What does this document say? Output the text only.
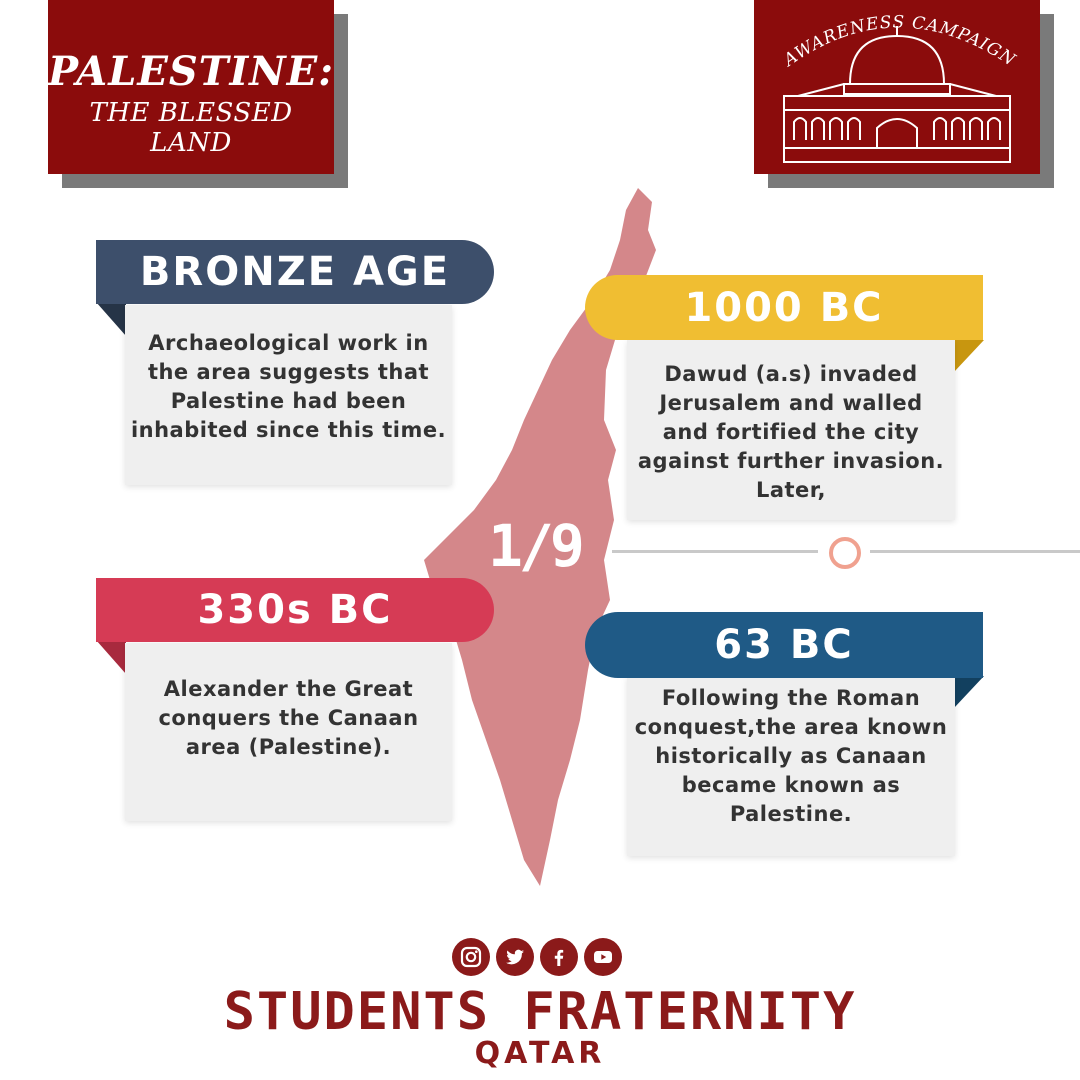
PALESTINE:
THE BLESSED LAND
AWARENESS CAMPAIGN
1/9
Archaeological work in
the area suggests that
Palestine had been
inhabited since this time.
BRONZE AGE
Dawud (a.s) invaded
Jerusalem and walled
and fortified the city
against further invasion.
Later,
1000 BC
Alexander the Great
conquers the Canaan
area (Palestine).
330s BC
Following the Roman
conquest,the area known
historically as Canaan
became known as
Palestine.
63 BC
STUDENTS FRATERNITY
QATAR
